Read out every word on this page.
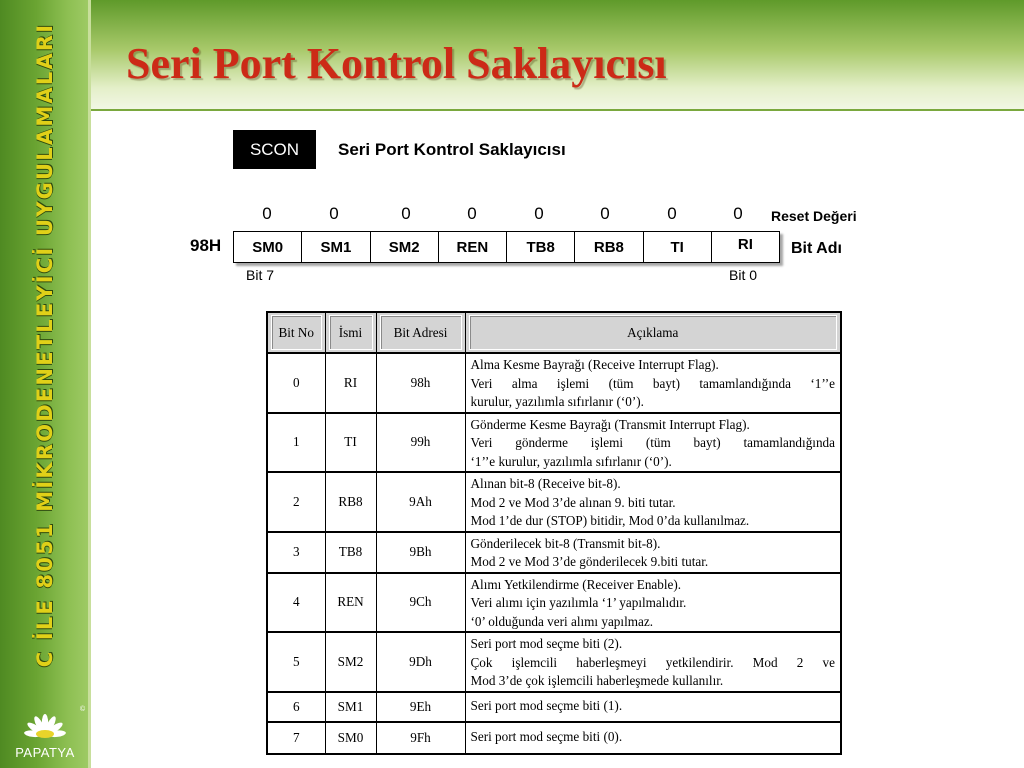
C İLE 8051 MİKRODENETLEYİCİ UYGULAMALARI
©
PAPATYA
Seri Port Kontrol Saklayıcısı
SCON	Seri Port Kontrol Saklayıcısı
0	0	0	0	0	0	0	0	Reset Değeri
98H	SM0	SM1	SM2	REN	TB8	RB8	TI	RI	Bit Adı
Bit 7	Bit 0
Bit No	İsmi	Bit Adresi	Açıklama

0	RI	98h	Alma Kesme Bayrağı (Receive Interrupt Flag).
Veri alma işlemi (tüm bayt) tamamlandığında ‘1’’e
kurulur, yazılımla sıfırlanır (‘0’).

1	TI	99h	Gönderme Kesme Bayrağı (Transmit Interrupt Flag).
Veri gönderme işlemi (tüm bayt) tamamlandığında
‘1’’e kurulur, yazılımla sıfırlanır (‘0’).

2	RB8	9Ah	Alınan bit-8 (Receive bit-8).
Mod 2 ve Mod 3’de alınan 9. biti tutar.
Mod 1’de dur (STOP) bitidir, Mod 0’da kullanılmaz.

3	TB8	9Bh	Gönderilecek bit-8 (Transmit bit-8).
Mod 2 ve Mod 3’de gönderilecek 9.biti tutar.

4	REN	9Ch	Alımı Yetkilendirme (Receiver Enable).
Veri alımı için yazılımla ‘1’ yapılmalıdır.
‘0’ olduğunda veri alımı yapılmaz.

5	SM2	9Dh	Seri port mod seçme biti (2).
Çok işlemcili haberleşmeyi yetkilendirir. Mod 2 ve
Mod 3’de çok işlemcili haberleşmede kullanılır.

6	SM1	9Eh	Seri port mod seçme biti (1).

7	SM0	9Fh	Seri port mod seçme biti (0).
